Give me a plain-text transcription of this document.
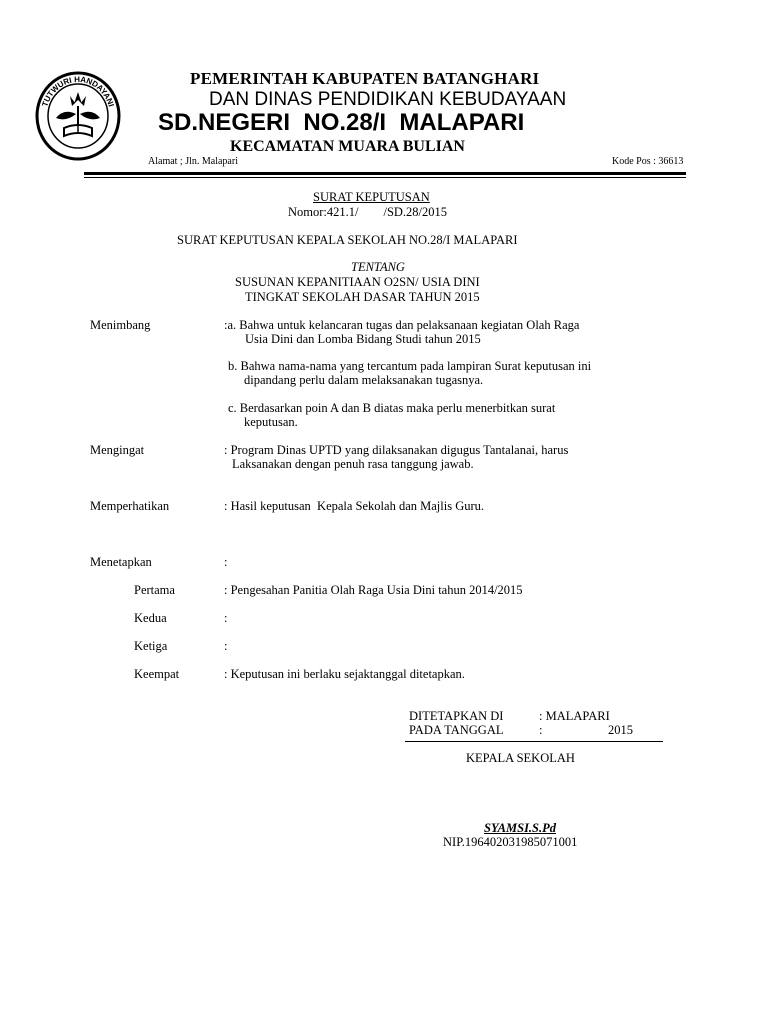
TUTWURI HANDAYANI
PEMERINTAH KABUPATEN BATANGHARI
DAN DINAS PENDIDIKAN KEBUDAYAAN
SD.NEGERI  NO.28/I  MALAPARI
KECAMATAN MUARA BULIAN
Alamat ; Jln. Malapari	Kode Pos : 36613
SURAT KEPUTUSAN
Nomor:421.1/        /SD.28/2015
SURAT KEPUTUSAN KEPALA SEKOLAH NO.28/I MALAPARI
TENTANG
SUSUNAN KEPANITIAAN O2SN/ USIA DINI
TINGKAT SEKOLAH DASAR TAHUN 2015
Menimbang	:a. Bahwa untuk kelancaran tugas dan pelaksanaan kegiatan Olah Raga
Usia Dini dan Lomba Bidang Studi tahun 2015
b. Bahwa nama-nama yang tercantum pada lampiran Surat keputusan ini
dipandang perlu dalam melaksanakan tugasnya.
c. Berdasarkan poin A dan B diatas maka perlu menerbitkan surat
keputusan.
Mengingat	: Program Dinas UPTD yang dilaksanakan digugus Tantalanai, harus
Laksanakan dengan penuh rasa tanggung jawab.
Memperhatikan	: Hasil keputusan  Kepala Sekolah dan Majlis Guru.
Menetapkan	:
Pertama	: Pengesahan Panitia Olah Raga Usia Dini tahun 2014/2015
Kedua	:
Ketiga	:
Keempat	: Keputusan ini berlaku sejaktanggal ditetapkan.
DITETAPKAN DI	: MALAPARI
PADA TANGGAL	:	2015
KEPALA SEKOLAH
SYAMSI.S.Pd
NIP.196402031985071001
